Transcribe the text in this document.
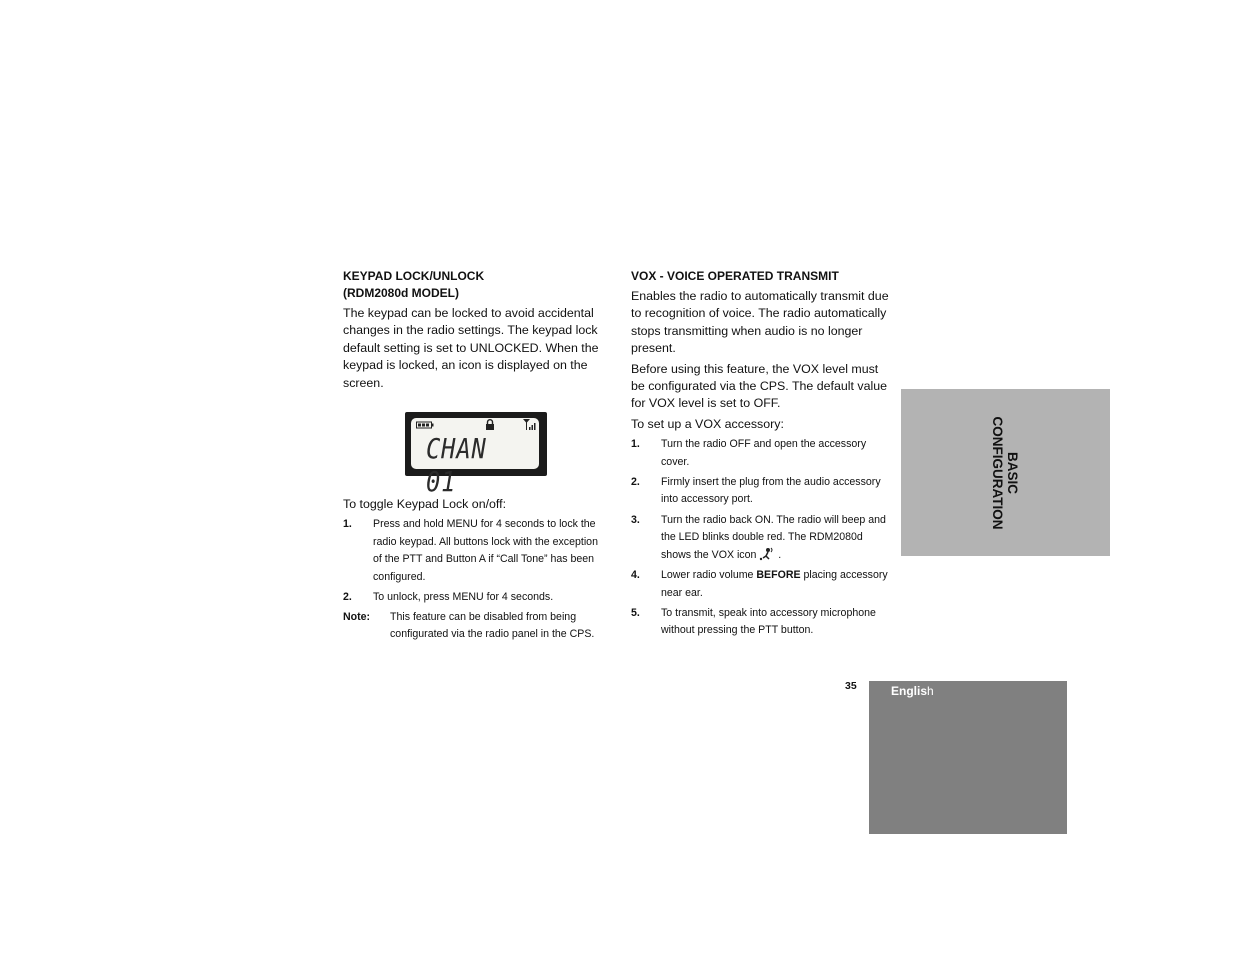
KEYPAD LOCK/UNLOCK
(RDM2080d MODEL)

The keypad can be locked to avoid accidental changes in the radio settings. The keypad lock default setting is set to UNLOCKED. When the keypad is locked, an icon is displayed on the screen.

CHAN 01

To toggle Keypad Lock on/off:

1. Press and hold MENU for 4 seconds to lock the radio keypad. All buttons lock with the exception of the PTT and Button A if “Call Tone” has been configured.
2. To unlock, press MENU for 4 seconds.
Note: This feature can be disabled from being configurated via the radio panel in the CPS.
VOX - VOICE OPERATED TRANSMIT

Enables the radio to automatically transmit due to recognition of voice. The radio automatically stops transmitting when audio is no longer present.

Before using this feature, the VOX level must be configurated via the CPS. The default value for VOX level is set to OFF.

To set up a VOX accessory:

1. Turn the radio OFF and open the accessory cover.
2. Firmly insert the plug from the audio accessory into accessory port.
3. Turn the radio back ON. The radio will beep and the LED blinks double red. The RDM2080d shows the VOX icon .
4. Lower radio volume BEFORE placing accessory near ear.
5. To transmit, speak into accessory microphone without pressing the PTT button.
BASIC
CONFIGURATION
35	English
